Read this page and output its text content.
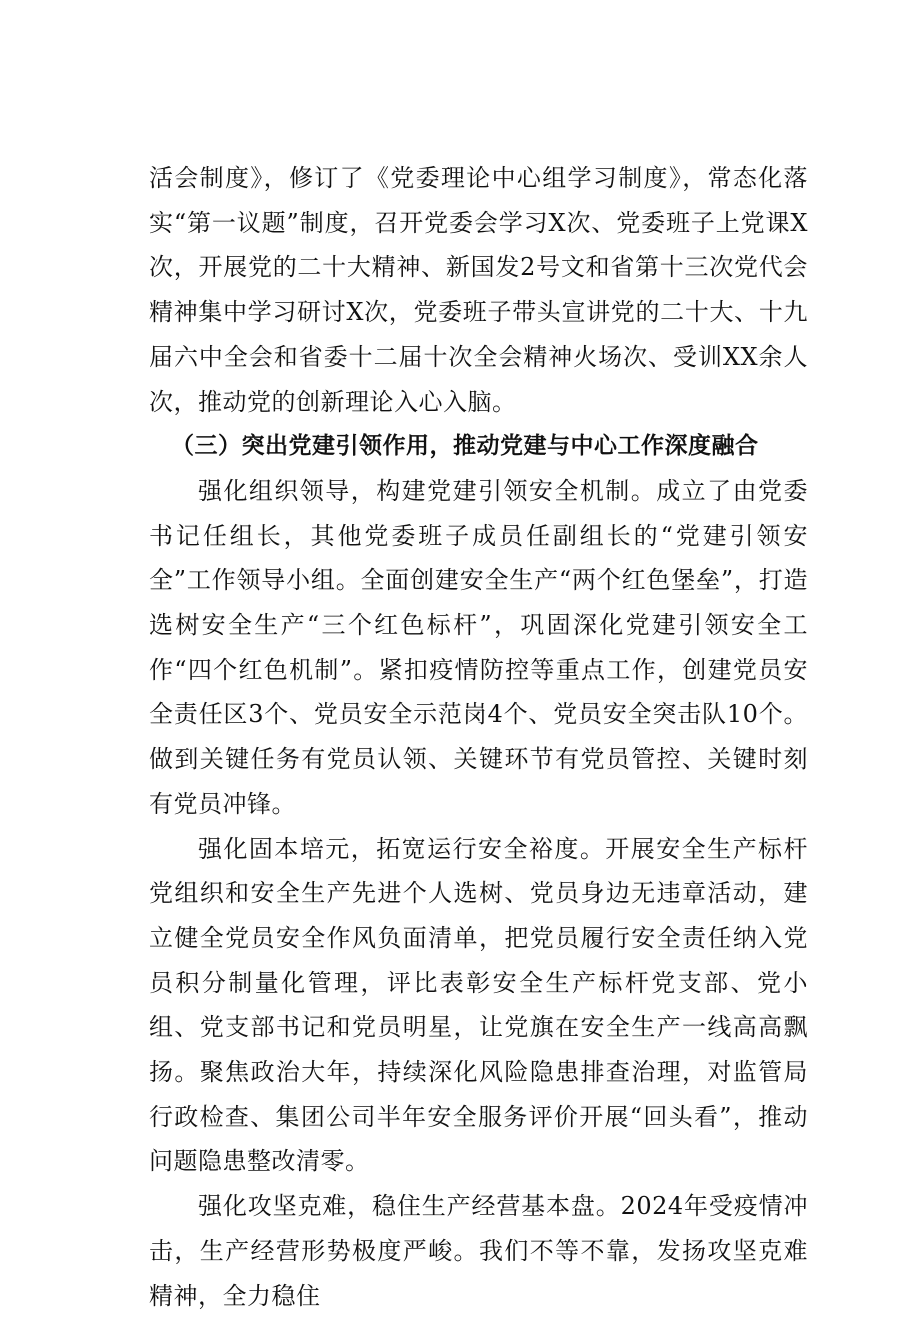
活会制度》，修订了《党委理论中心组学习制度》，常态化落实“第一议题”制度，召开党委会学习X次、党委班子上党课X次，开展党的二十大精神、新国发2号文和省第十三次党代会精神集中学习研讨X次，党委班子带头宣讲党的二十大、十九届六中全会和省委十二届十次全会精神火场次、受训XX余人次，推动党的创新理论入心入脑。

（三）突出党建引领作用，推动党建与中心工作深度融合

强化组织领导，构建党建引领安全机制。成立了由党委书记任组长，其他党委班子成员任副组长的“党建引领安全”工作领导小组。全面创建安全生产“两个红色堡垒”，打造选树安全生产“三个红色标杆”，巩固深化党建引领安全工作“四个红色机制”。紧扣疫情防控等重点工作，创建党员安全责任区3个、党员安全示范岗4个、党员安全突击队10个。做到关键任务有党员认领、关键环节有党员管控、关键时刻有党员冲锋。

强化固本培元，拓宽运行安全裕度。开展安全生产标杆党组织和安全生产先进个人选树、党员身边无违章活动，建立健全党员安全作风负面清单，把党员履行安全责任纳入党员积分制量化管理，评比表彰安全生产标杆党支部、党小组、党支部书记和党员明星，让党旗在安全生产一线高高飘扬。聚焦政治大年，持续深化风险隐患排查治理，对监管局行政检查、集团公司半年安全服务评价开展“回头看”，推动问题隐患整改清零。

强化攻坚克难，稳住生产经营基本盘。2024年受疫情冲击，生产经营形势极度严峻。我们不等不靠，发扬攻坚克难精神，全力稳住
